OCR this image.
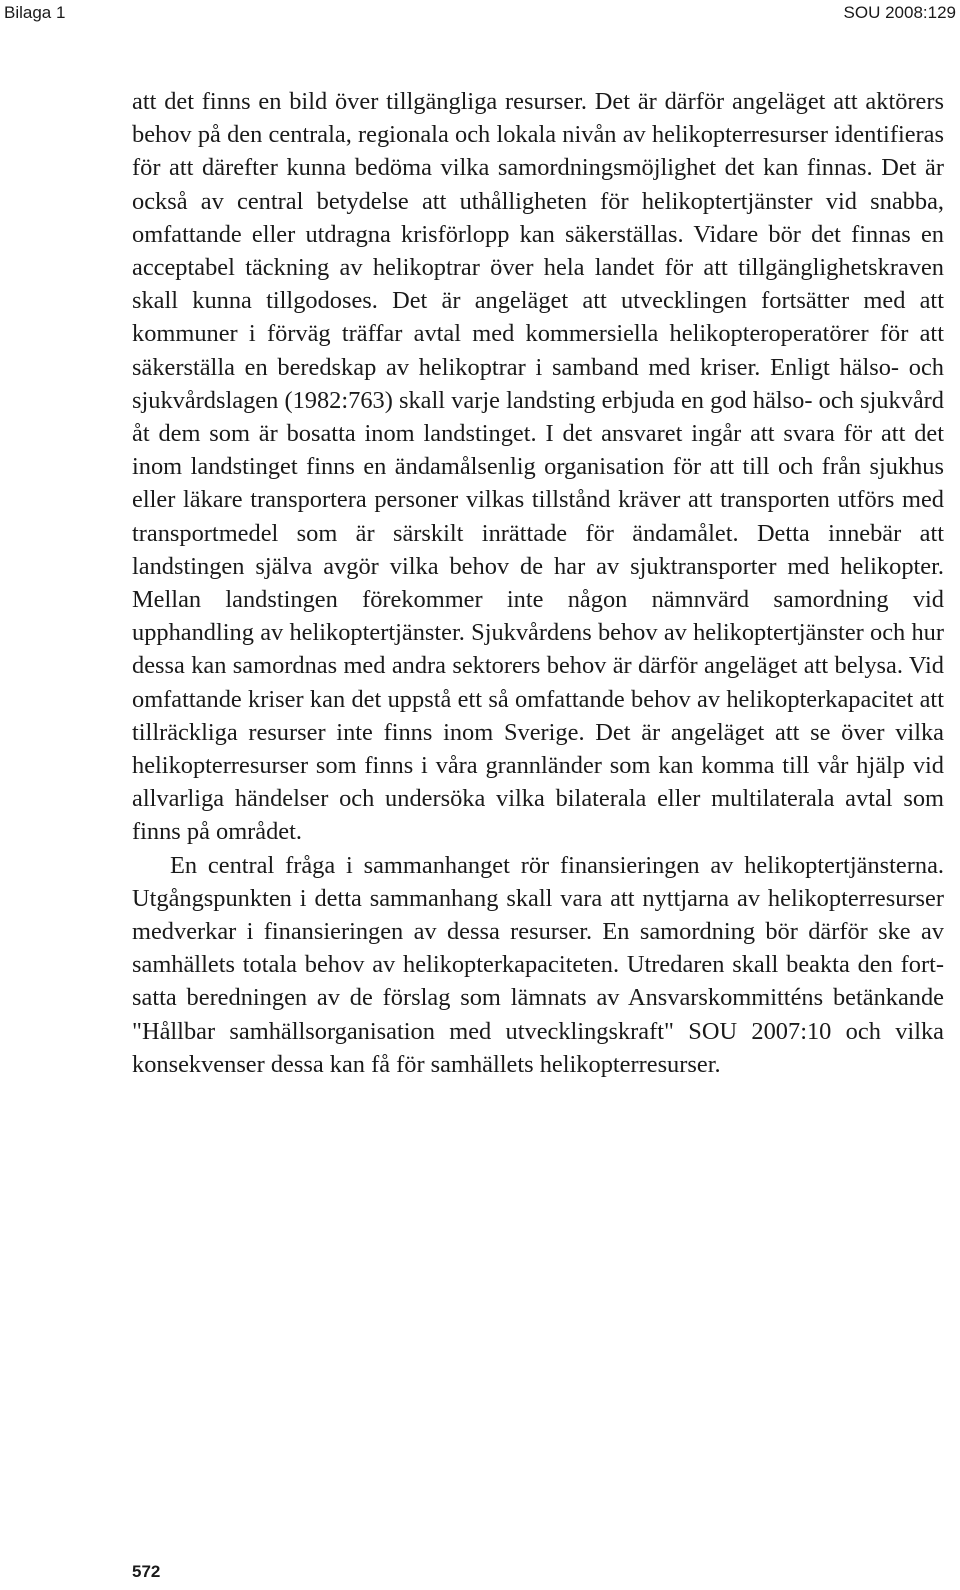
Bilaga 1	SOU 2008:129

att det finns en bild över tillgängliga resurser. Det är därför angeläget att aktörers behov på den centrala, regionala och lokala nivån av helikopterresurser identifieras för att därefter kunna bedöma vilka samordningsmöjlighet det kan finnas. Det är också av central betydelse att uthålligheten för helikoptertjänster vid snabba, omfattande eller utdragna krisförlopp kan säkerställas. Vidare bör det finnas en acceptabel täckning av helikoptrar över hela landet för att tillgänglighetskraven skall kunna tillgodoses. Det är angeläget att utvecklingen fortsätter med att kommuner i förväg träffar avtal med kommersiella helikopteroperatörer för att säkerställa en beredskap av helikoptrar i samband med kriser. Enligt hälso- och sjukvårdslagen (1982:763) skall varje landsting erbjuda en god hälso- och sjukvård åt dem som är bosatta inom landstinget. I det ansvaret ingår att svara för att det inom landstinget finns en ändamålsenlig organisation för att till och från sjukhus eller läkare transportera personer vilkas tillstånd kräver att transporten utförs med transportmedel som är särskilt inrättade för ändamålet. Detta innebär att landstingen själva avgör vilka behov de har av sjuktransporter med helikopter. Mellan landstingen förekommer inte någon nämnvärd samordning vid upphandling av helikoptertjänster. Sjukvårdens behov av helikoptertjänster och hur dessa kan samordnas med andra sektorers behov är därför angeläget att belysa. Vid omfattande kriser kan det uppstå ett så omfattande behov av helikopterkapacitet att tillräckliga resurser inte finns inom Sverige. Det är angeläget att se över vilka helikopterresurser som finns i våra grannländer som kan komma till vår hjälp vid allvarliga händelser och undersöka vilka bilaterala eller multilaterala avtal som finns på området.

En central fråga i sammanhanget rör finansieringen av helikoptertjänsterna. Utgångspunkten i detta sammanhang skall vara att nyttjarna av helikopterresurser medverkar i finansieringen av dessa resurser. En samordning bör därför ske av samhällets totala behov av helikopterkapaciteten. Utredaren skall beakta den fortsatta beredningen av de förslag som lämnats av Ansvarskommitténs betänkande "Hållbar samhällsorganisation med utvecklingskraft" SOU 2007:10 och vilka konsekvenser dessa kan få för samhällets helikopterresurser.

572
